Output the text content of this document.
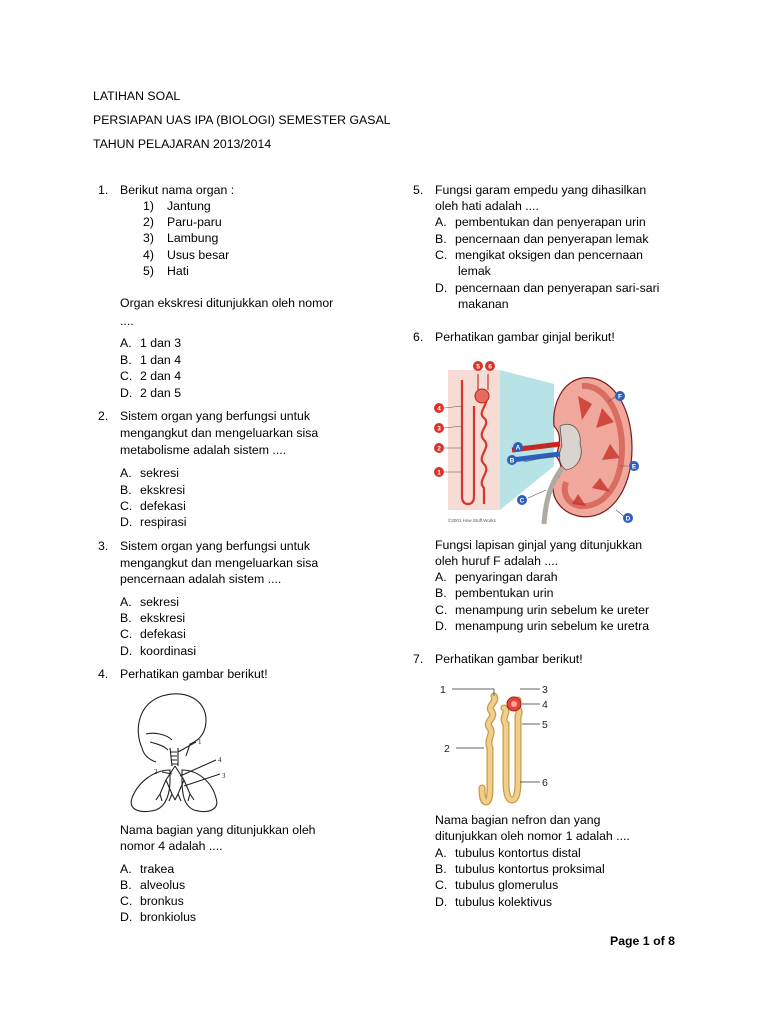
LATIHAN SOAL
PERSIAPAN UAS IPA (BIOLOGI) SEMESTER GASAL
TAHUN PELAJARAN 2013/2014
1. Berikut nama organ :
1) Jantung
2) Paru-paru
3) Lambung
4) Usus besar
5) Hati
Organ ekskresi ditunjukkan oleh nomor
....
A. 1 dan 3
B. 1 dan 4
C. 2 dan 4
D. 2 dan 5
2. Sistem organ yang berfungsi untuk
mengangkut dan mengeluarkan sisa
metabolisme adalah sistem ....
A. sekresi
B. ekskresi
C. defekasi
D. respirasi
3. Sistem organ yang berfungsi untuk
mengangkut dan mengeluarkan sisa
pencernaan adalah sistem ....
A. sekresi
B. ekskresi
C. defekasi
D. koordinasi
4. Perhatikan gambar berikut!
1
2	3
4
Nama bagian yang ditunjukkan oleh
nomor 4 adalah ....
A. trakea
B. alveolus
C. bronkus
D. bronkiolus
5. Fungsi garam empedu yang dihasilkan
oleh hati adalah ....
A. pembentukan dan penyerapan urin
B. pencernaan dan penyerapan lemak
C. mengikat oksigen dan pencernaan
lemak
D. pencernaan dan penyerapan sari-sari
makanan
6. Perhatikan gambar ginjal berikut!
5 6
4
3
2
1
A
B
C
D
E
F
©2001 How Stuff Works
Fungsi lapisan ginjal yang ditunjukkan
oleh huruf F adalah ....
A. penyaringan darah
B. pembentukan urin
C. menampung urin sebelum ke ureter
D. menampung urin sebelum ke uretra
7. Perhatikan gambar berikut!
1
2
3
4
5
6
Nama bagian nefron dan yang
ditunjukkan oleh nomor 1 adalah ....
A. tubulus kontortus distal
B. tubulus kontortus proksimal
C. tubulus glomerulus
D. tubulus kolektivus
Page 1 of 8
